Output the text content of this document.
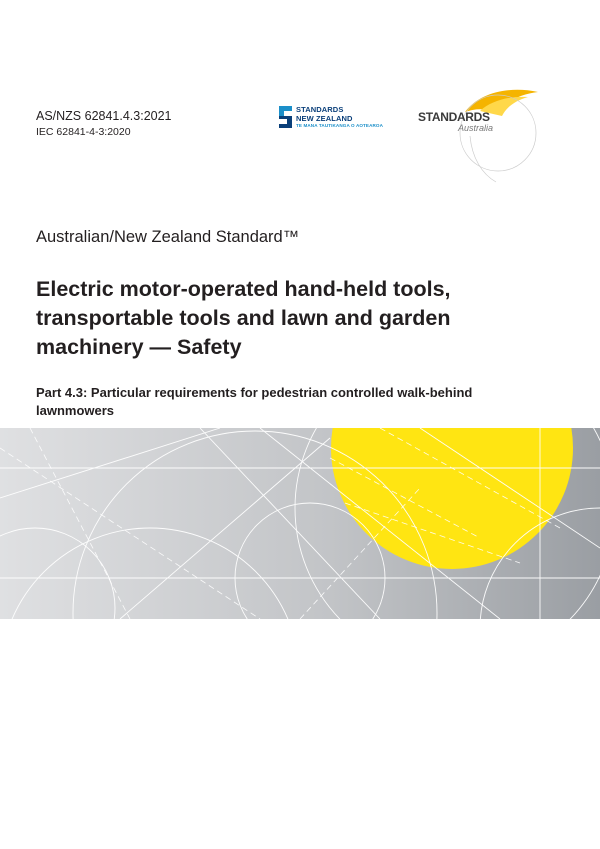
AS/NZS 62841.4.3:2021
IEC 62841-4-3:2020
STANDARDS
NEW ZEALAND
TE MANA TAUTIKANGA O AOTEAROA
STANDARDS
Australia
Australian/New Zealand Standard™
Electric motor-operated hand-held tools, transportable tools and lawn and garden machinery — Safety
Part 4.3: Particular requirements for pedestrian controlled walk-behind lawnmowers
